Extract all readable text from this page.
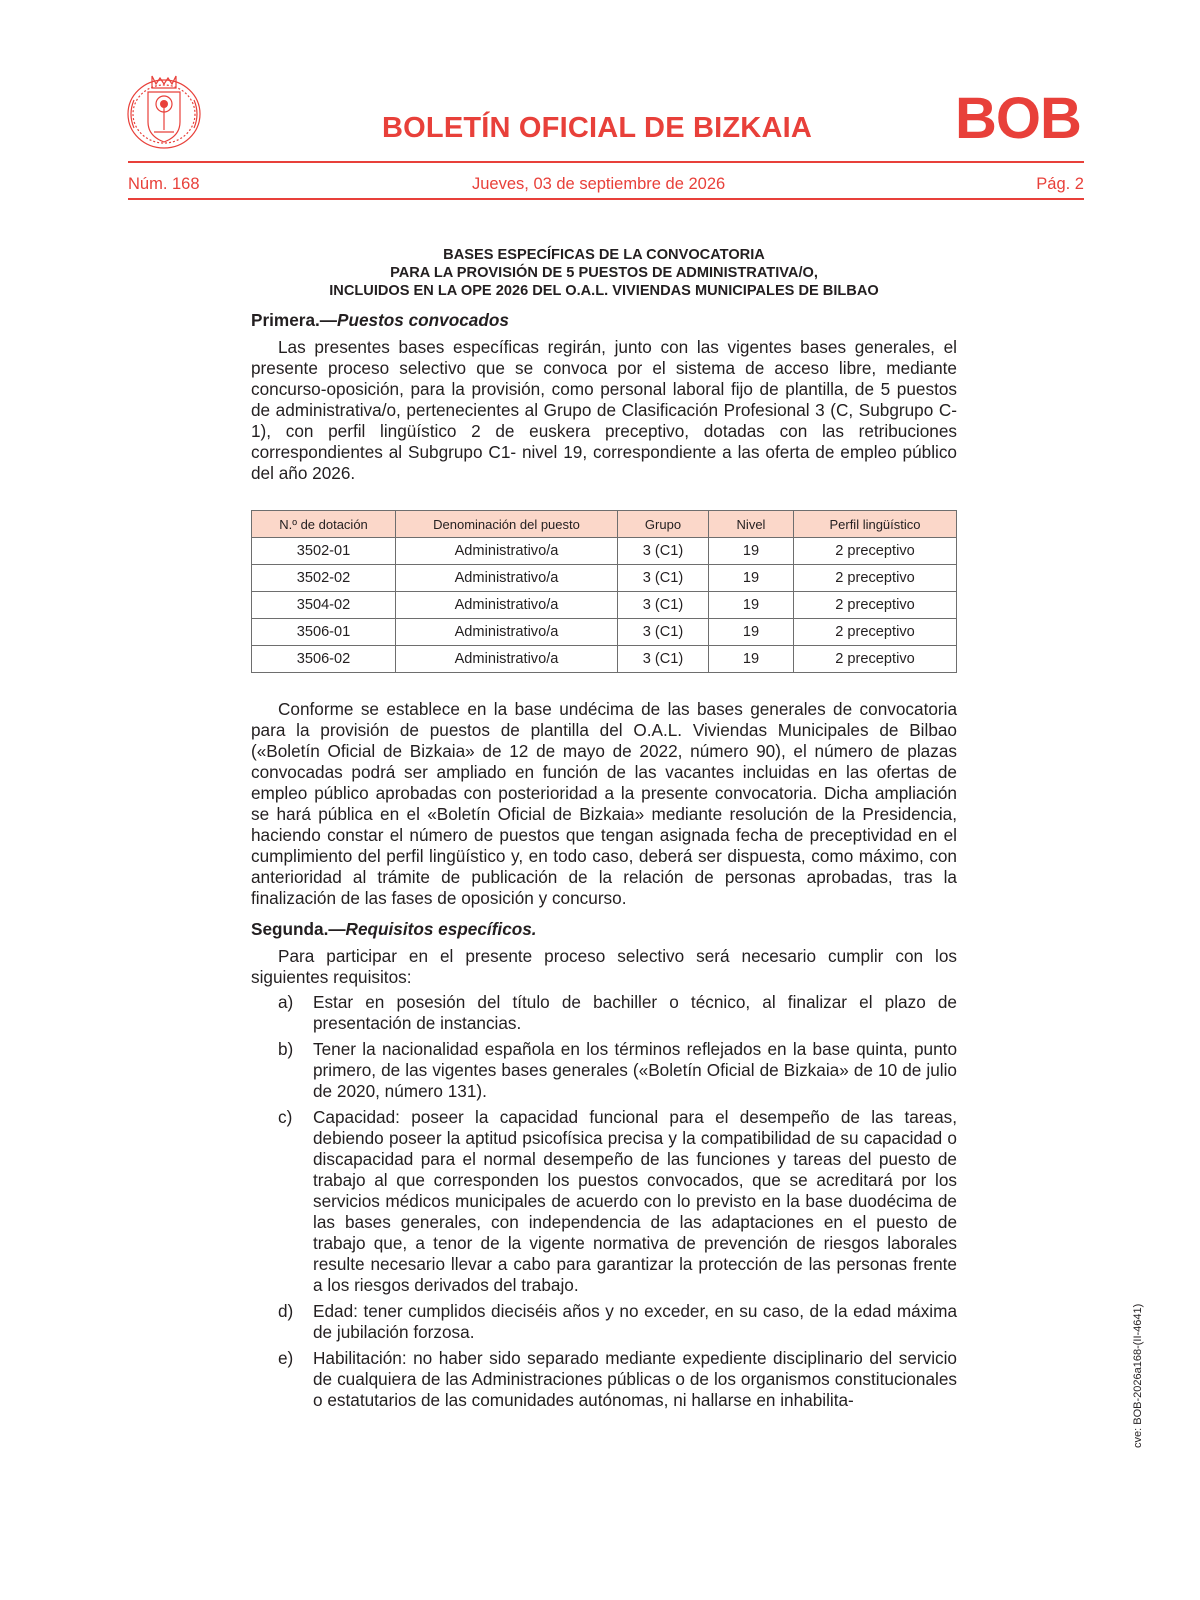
BOLETÍN OFICIAL DE BIZKAIA BOB
Núm. 168	Jueves, 03 de septiembre de 2026	Pág. 2
BASES ESPECÍFICAS DE LA CONVOCATORIA
PARA LA PROVISIÓN DE 5 PUESTOS DE ADMINISTRATIVA/O,
INCLUIDOS EN LA OPE 2026 DEL O.A.L. VIVIENDAS MUNICIPALES DE BILBAO
Primera.—Puestos convocados

Las presentes bases específicas regirán, junto con las vigentes bases generales, el presente proceso selectivo que se convoca por el sistema de acceso libre, mediante concurso-oposición, para la provisión, como personal laboral fijo de plantilla, de 5 puestos de administrativa/o, pertenecientes al Grupo de Clasificación Profesional 3 (C, Subgrupo C-1), con perfil lingüístico 2 de euskera preceptivo, dotadas con las retribuciones correspondientes al Subgrupo C1- nivel 19, correspondiente a las oferta de empleo público del año 2026.

N.º de dotación	Denominación del puesto	Grupo	Nivel	Perfil lingüístico
3502-01	Administrativo/a	3 (C1)	19	2 preceptivo
3502-02	Administrativo/a	3 (C1)	19	2 preceptivo
3504-02	Administrativo/a	3 (C1)	19	2 preceptivo
3506-01	Administrativo/a	3 (C1)	19	2 preceptivo
3506-02	Administrativo/a	3 (C1)	19	2 preceptivo

Conforme se establece en la base undécima de las bases generales de convocatoria para la provisión de puestos de plantilla del O.A.L. Viviendas Municipales de Bilbao («Boletín Oficial de Bizkaia» de 12 de mayo de 2022, número 90), el número de plazas convocadas podrá ser ampliado en función de las vacantes incluidas en las ofertas de empleo público aprobadas con posterioridad a la presente convocatoria. Dicha ampliación se hará pública en el «Boletín Oficial de Bizkaia» mediante resolución de la Presidencia, haciendo constar el número de puestos que tengan asignada fecha de preceptividad en el cumplimiento del perfil lingüístico y, en todo caso, deberá ser dispuesta, como máximo, con anterioridad al trámite de publicación de la relación de personas aprobadas, tras la finalización de las fases de oposición y concurso.

Segunda.—Requisitos específicos.

Para participar en el presente proceso selectivo será necesario cumplir con los siguientes requisitos:

a) Estar en posesión del título de bachiller o técnico, al finalizar el plazo de presentación de instancias.
b) Tener la nacionalidad española en los términos reflejados en la base quinta, punto primero, de las vigentes bases generales («Boletín Oficial de Bizkaia» de 10 de julio de 2020, número 131).
c) Capacidad: poseer la capacidad funcional para el desempeño de las tareas, debiendo poseer la aptitud psicofísica precisa y la compatibilidad de su capacidad o discapacidad para el normal desempeño de las funciones y tareas del puesto de trabajo al que corresponden los puestos convocados, que se acreditará por los servicios médicos municipales de acuerdo con lo previsto en la base duodécima de las bases generales, con independencia de las adaptaciones en el puesto de trabajo que, a tenor de la vigente normativa de prevención de riesgos laborales resulte necesario llevar a cabo para garantizar la protección de las personas frente a los riesgos derivados del trabajo.
d) Edad: tener cumplidos dieciséis años y no exceder, en su caso, de la edad máxima de jubilación forzosa.
e) Habilitación: no haber sido separado mediante expediente disciplinario del servicio de cualquiera de las Administraciones públicas o de los organismos constitucionales o estatutarios de las comunidades autónomas, ni hallarse en inhabilita-	cve: BOB-2026a168-(II-4641)
